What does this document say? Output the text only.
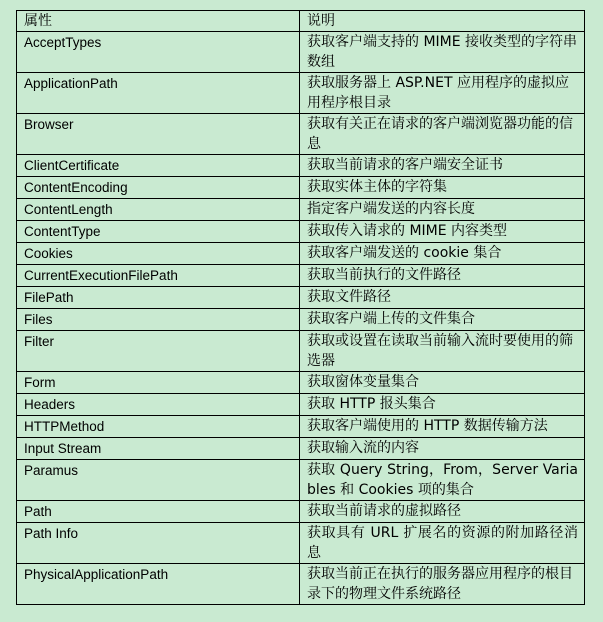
属性	说明
AcceptTypes	获取客户端支持的 MIME 接收类型的字符串数组
ApplicationPath	获取服务器上 ASP.NET 应用程序的虚拟应用程序根目录
Browser	获取有关正在请求的客户端浏览器功能的信息
ClientCertificate	获取当前请求的客户端安全证书
ContentEncoding	获取实体主体的字符集
ContentLength	指定客户端发送的内容长度
ContentType	获取传入请求的 MIME 内容类型
Cookies	获取客户端发送的 cookie 集合
CurrentExecutionFilePath	获取当前执行的文件路径
FilePath	获取文件路径
Files	获取客户端上传的文件集合
Filter	获取或设置在读取当前输入流时要使用的筛选器
Form	获取窗体变量集合
Headers	获取 HTTP 报头集合
HTTPMethod	获取客户端使用的 HTTP 数据传输方法
Input Stream	获取输入流的内容
Paramus	获取 Query String，From，Server Variables 和 Cookies 项的集合
Path	获取当前请求的虚拟路径
Path Info	获取具有 URL 扩展名的资源的附加路径消息
PhysicalApplicationPath	获取当前正在执行的服务器应用程序的根目录下的物理文件系统路径
